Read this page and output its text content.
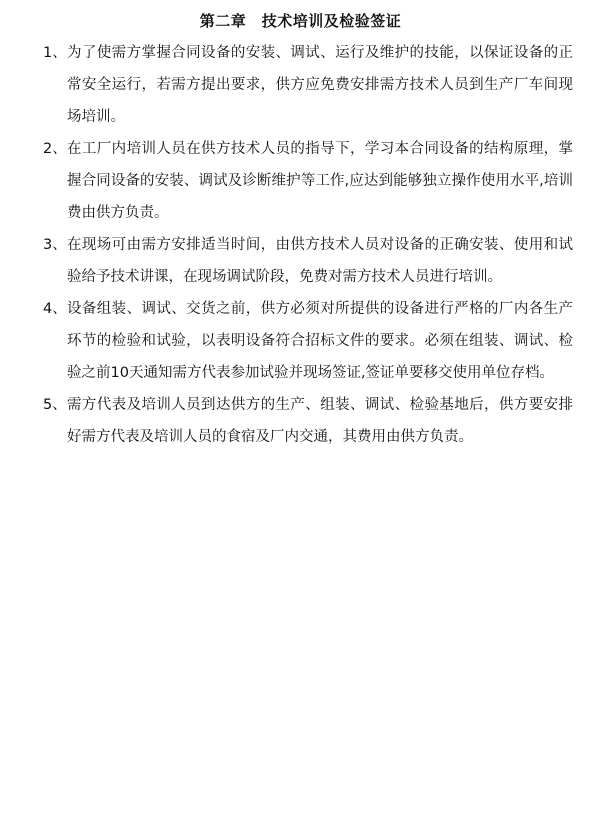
第二章　技术培训及检验签证
1、 为了使需方掌握合同设备的安装、调试、运行及维护的技能，以保证设备的正常安全运行，若需方提出要求，供方应免费安排需方技术人员到生产厂车间现场培训。
2、 在工厂内培训人员在供方技术人员的指导下，学习本合同设备的结构原理，掌握合同设备的安装、调试及诊断维护等工作,应达到能够独立操作使用水平,培训费由供方负责。
3、 在现场可由需方安排适当时间，由供方技术人员对设备的正确安装、使用和试验给予技术讲课，在现场调试阶段，免费对需方技术人员进行培训。
4、 设备组装、调试、交货之前，供方必须对所提供的设备进行严格的厂内各生产环节的检验和试验，以表明设备符合招标文件的要求。必须在组装、调试、检验之前10天通知需方代表参加试验并现场签证,签证单要移交使用单位存档。
5、 需方代表及培训人员到达供方的生产、组装、调试、检验基地后，供方要安排好需方代表及培训人员的食宿及厂内交通，其费用由供方负责。
